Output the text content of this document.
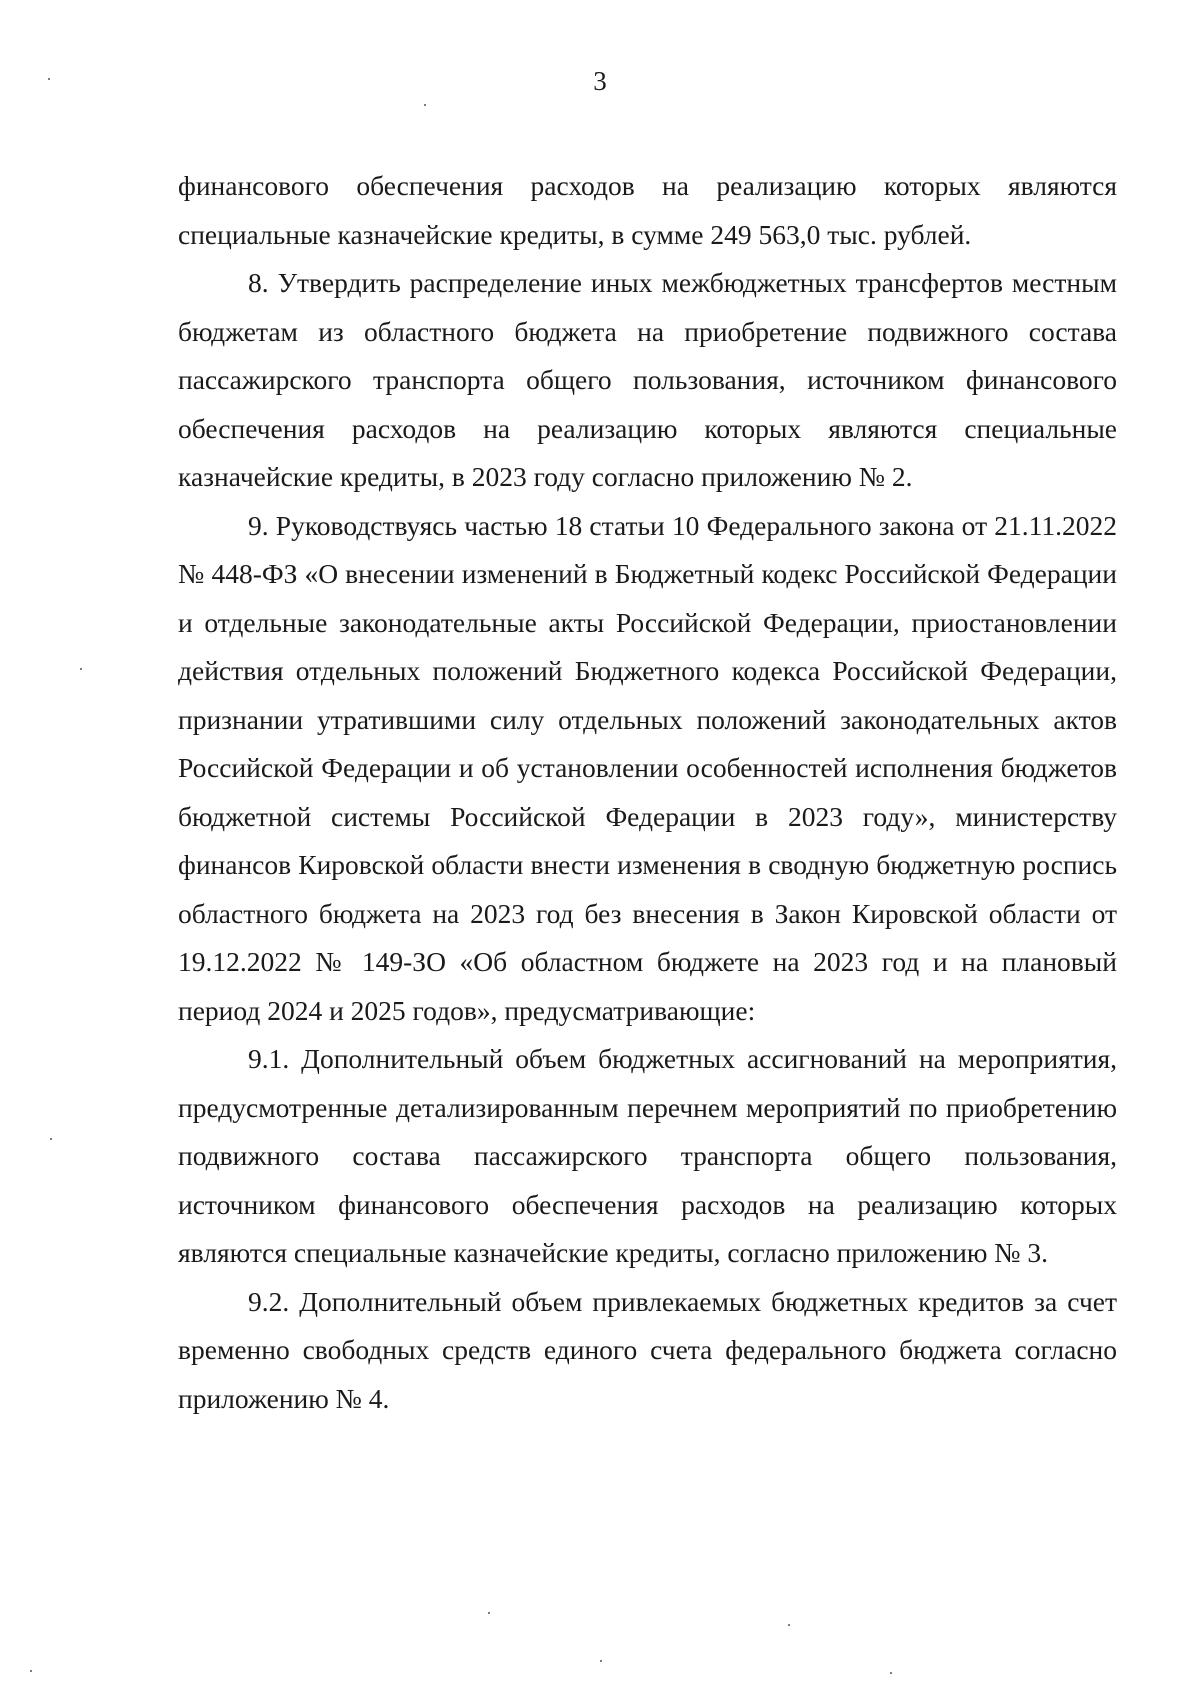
3

финансового обеспечения расходов на реализацию которых являются специальные казначейские кредиты, в сумме 249 563,0 тыс. рублей.

8. Утвердить распределение иных межбюджетных трансфертов местным бюджетам из областного бюджета на приобретение подвижного состава пассажирского транспорта общего пользования, источником финансового обеспечения расходов на реализацию которых являются специальные казначейские кредиты, в 2023 году согласно приложению № 2.

9. Руководствуясь частью 18 статьи 10 Федерального закона от 21.11.2022 № 448-ФЗ «О внесении изменений в Бюджетный кодекс Российской Федерации и отдельные законодательные акты Российской Федерации, приостановлении действия отдельных положений Бюджетного кодекса Российской Федерации, признании утратившими силу отдельных положений законодательных актов Российской Федерации и об установлении особенностей исполнения бюджетов бюджетной системы Российской Федерации в 2023 году», министерству финансов Кировской области внести изменения в сводную бюджетную роспись областного бюджета на 2023 год без внесения в Закон Кировской области от 19.12.2022 № 149-ЗО «Об областном бюджете на 2023 год и на плановый период 2024 и 2025 годов», предусматривающие:

9.1. Дополнительный объем бюджетных ассигнований на мероприятия, предусмотренные детализированным перечнем мероприятий по приобретению подвижного состава пассажирского транспорта общего пользования, источником финансового обеспечения расходов на реализацию которых являются специальные казначейские кредиты, согласно приложению № 3.

9.2. Дополнительный объем привлекаемых бюджетных кредитов за счет временно свободных средств единого счета федерального бюджета согласно приложению № 4.
